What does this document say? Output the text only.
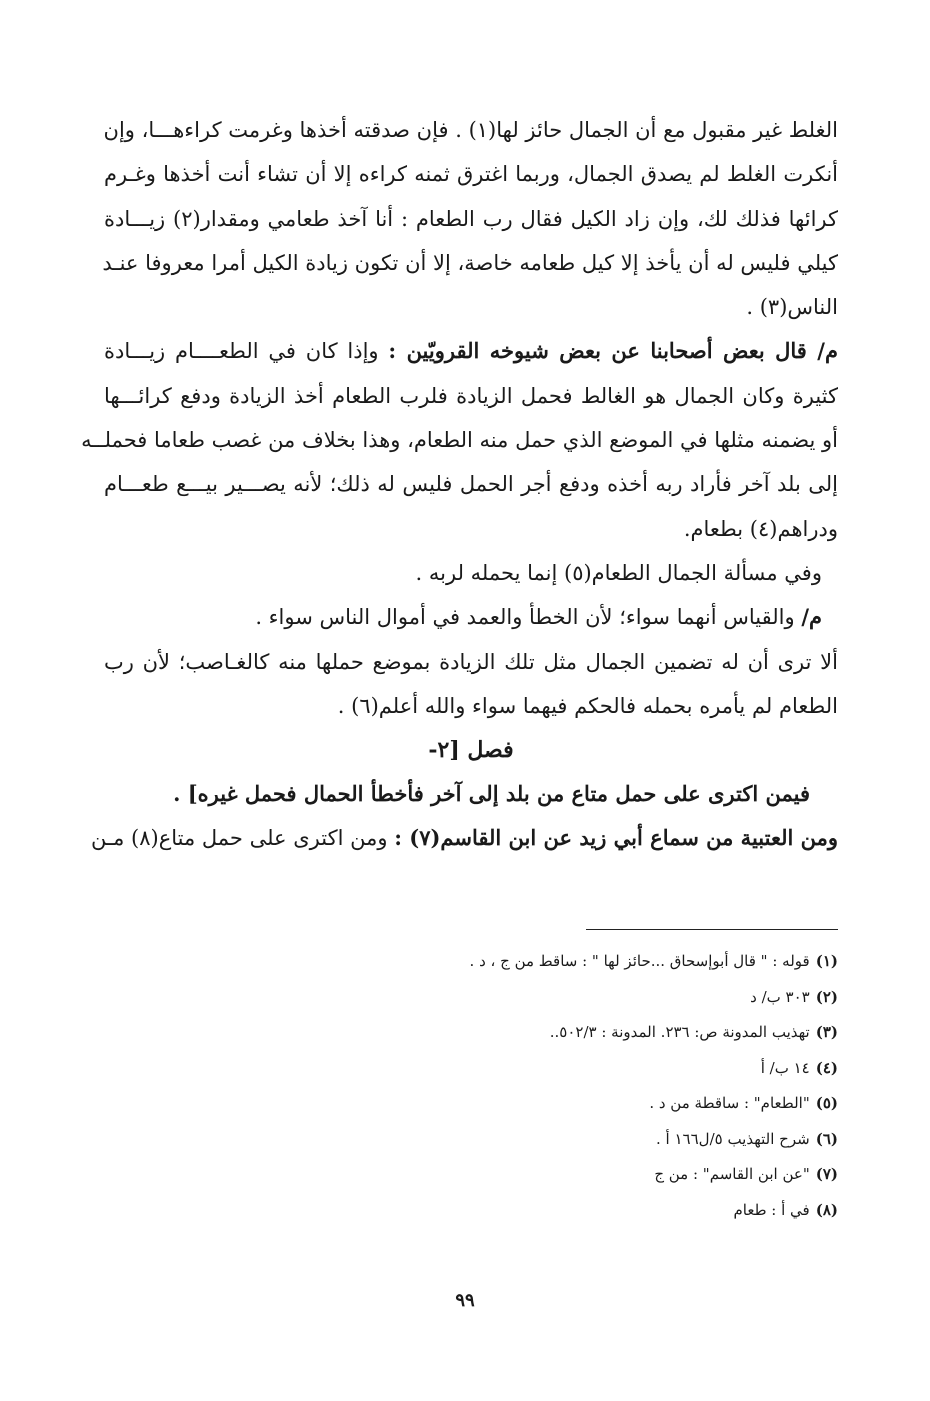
الغلط غير مقبول مع أن الجمال حائز لها(١) . فإن صدقته أخذها وغرمت كراءهـــا، وإن
أنكرت الغلط لم يصدق الجمال، وربما اغترق ثمنه كراءه إلا أن تشاء أنت أخذها وغـرم
كرائها فذلك لك، وإن زاد الكيل فقال رب الطعام : أنا آخذ طعامي ومقدار(٢) زيـــادة
كيلي فليس له أن يأخذ إلا كيل طعامه خاصة، إلا أن تكون زيادة الكيل أمرا معروفا عنـد
الناس(٣) .

م/ قال بعض أصحابنا عن بعض شيوخه القرويّين : وإذا كان في الطعــــام زيـــادة
كثيرة وكان الجمال هو الغالط فحمل الزيادة فلرب الطعام أخذ الزيادة ودفع كرائـــها
أو يضمنه مثلها في الموضع الذي حمل منه الطعام، وهذا بخلاف من غصب طعاما فحملــه
إلى بلد آخر فأراد ربه أخذه ودفع أجر الحمل فليس له ذلك؛ لأنه يصـــير بيـــع طعـــام
ودراهم(٤) بطعام.

وفي مسألة الجمال الطعام(٥) إنما يحمله لربه .

م/ والقياس أنهما سواء؛ لأن الخطأ والعمد في أموال الناس سواء .

ألا ترى أن له تضمين الجمال مثل تلك الزيادة بموضع حملها منه كالغـاصب؛ لأن رب
الطعام لم يأمره بحمله فالحكم فيهما سواء والله أعلم(٦) .

فصل [٢-
فيمن اكترى على حمل متاع من بلد إلى آخر فأخطأ الحمال فحمل غيره] .

ومن العتبية من سماع أبي زيد عن ابن القاسم(٧) : ومن اكترى على حمل متاع(٨) مـن

(١)قوله : " قال أبوإسحاق ...حائز لها " : ساقط من ج ، د .
(٢)٣٠٣ ب/ د
(٣)تهذيب المدونة ص: ٢٣٦. المدونة : ٥٠٢/٣..
(٤)١٤ ب/ أ
(٥)"الطعام" : ساقطة من د .
(٦)شرح التهذيب ٥/ل١٦٦ أ .
(٧)"عن ابن القاسم" : من ج
(٨)في أ : طعام
٩٩
